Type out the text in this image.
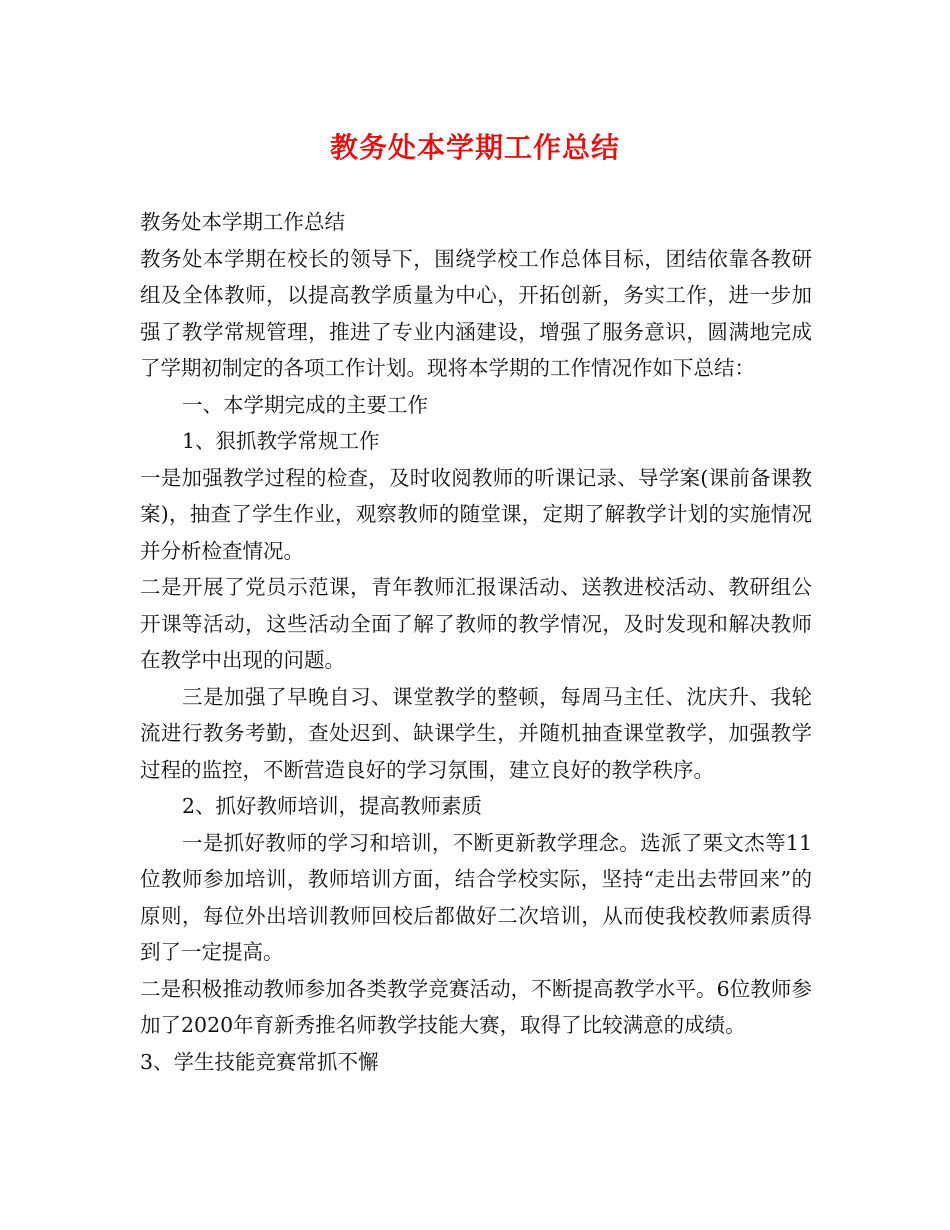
教务处本学期工作总结

教务处本学期工作总结

教务处本学期在校长的领导下，围绕学校工作总体目标，团结依靠各教研组及全体教师，以提高教学质量为中心，开拓创新，务实工作，进一步加强了教学常规管理，推进了专业内涵建设，增强了服务意识，圆满地完成了学期初制定的各项工作计划。现将本学期的工作情况作如下总结：

一、本学期完成的主要工作

1、狠抓教学常规工作

一是加强教学过程的检查，及时收阅教师的听课记录、导学案(课前备课教案)，抽查了学生作业，观察教师的随堂课，定期了解教学计划的实施情况并分析检查情况。

二是开展了党员示范课，青年教师汇报课活动、送教进校活动、教研组公开课等活动，这些活动全面了解了教师的教学情况，及时发现和解决教师在教学中出现的问题。

三是加强了早晚自习、课堂教学的整顿，每周马主任、沈庆升、我轮流进行教务考勤，查处迟到、缺课学生，并随机抽查课堂教学，加强教学过程的监控，不断营造良好的学习氛围，建立良好的教学秩序。

2、抓好教师培训，提高教师素质

一是抓好教师的学习和培训，不断更新教学理念。选派了栗文杰等11位教师参加培训，教师培训方面，结合学校实际，坚持“走出去带回来”的原则，每位外出培训教师回校后都做好二次培训，从而使我校教师素质得到了一定提高。

二是积极推动教师参加各类教学竞赛活动，不断提高教学水平。6位教师参加了2020年育新秀推名师教学技能大赛，取得了比较满意的成绩。

3、学生技能竞赛常抓不懈
